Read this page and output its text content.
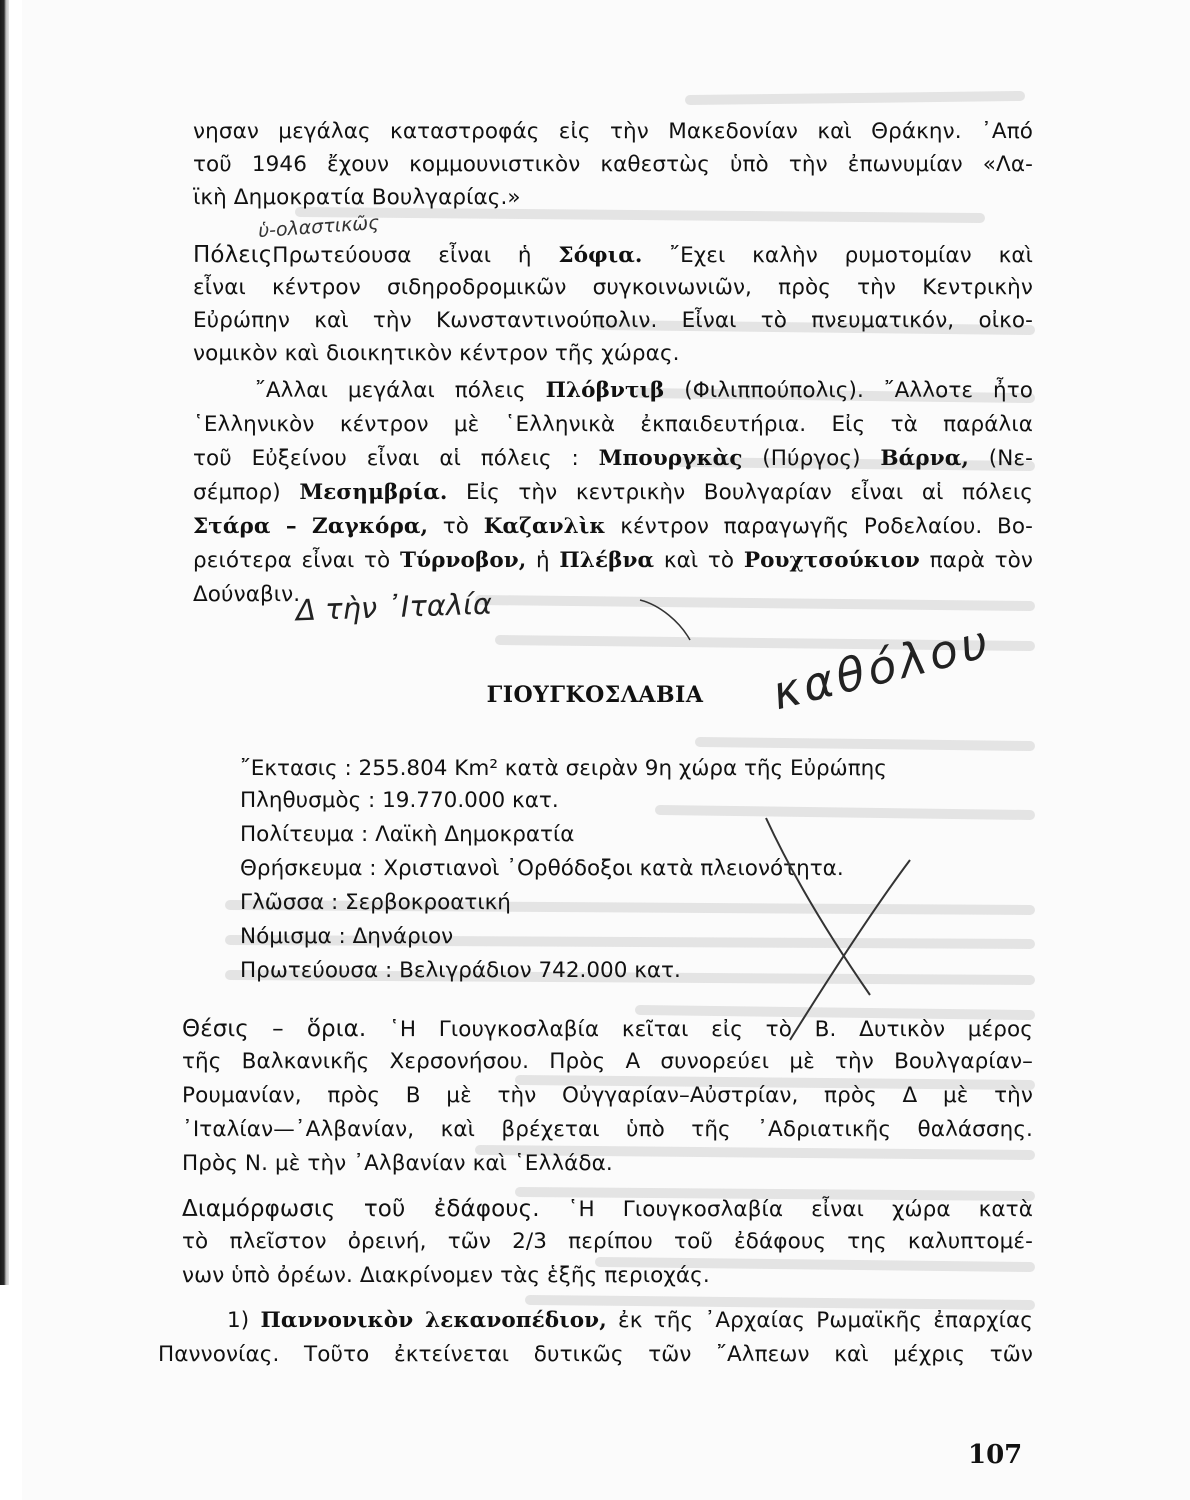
νησαν μεγάλας καταστροφάς εἰς τὴν Μακεδονίαν καὶ Θράκην. ᾿Από
τοῦ 1946 ἔχουν κομμουνιστικὸν καθεστὼς ὑπὸ τὴν ἐπωνυμίαν «Λα-
ϊκὴ Δημοκρατία Βουλγαρίας.»
ΠόλειςΠρωτεύουσα εἶναι ἡ Σόφια. ῎Εχει καλὴν ρυμοτομίαν καὶ
εἶναι κέντρον σιδηροδρομικῶν συγκοινωνιῶν, πρὸς τὴν Κεντρικὴν
Εὐρώπην καὶ τὴν Κωνσταντινούπολιν. Εἶναι τὸ πνευματικόν, οἰκο-
νομικὸν καὶ διοικητικὸν κέντρον τῆς χώρας.
῎Αλλαι μεγάλαι πόλεις Πλόβντιβ (Φιλιππούπολις). ῎Αλλοτε ἦτο
῾Ελληνικὸν κέντρον μὲ ῾Ελληνικὰ ἐκπαιδευτήρια. Εἰς τὰ παράλια
τοῦ Εὐξείνου εἶναι αἱ πόλεις : Μπουργκὰς (Πύργος) Βάρνα, (Νε-
σέμπορ) Μεσημβρία. Εἰς τὴν κεντρικὴν Βουλγαρίαν εἶναι αἱ πόλεις
Στάρα – Ζαγκόρα, τὸ Καζανλὶκ κέντρον παραγωγῆς Ροδελαίου. Βο-
ρειότερα εἶναι τὸ Τύρνοβον, ἡ Πλέβνα καὶ τὸ Ρουχτσούκιον παρὰ τὸν
Δούναβιν.
ΓΙΟΥΓΚΟΣΛΑΒΙΑ
῎Εκτασις : 255.804 Km² κατὰ σειρὰν 9η χώρα τῆς Εὐρώπης
Πληθυσμὸς : 19.770.000 κατ.
Πολίτευμα : Λαϊκὴ Δημοκρατία
Θρήσκευμα : Χριστιανοὶ ᾿Ορθόδοξοι κατὰ πλειονότητα.
Γλῶσσα : Σερβοκροατική
Νόμισμα : Δηνάριον
Πρωτεύουσα : Βελιγράδιον 742.000 κατ.
Θέσις – ὅρια. ῾Η Γιουγκοσλαβία κεῖται εἰς τὸ Β. Δυτικὸν μέρος
τῆς Βαλκανικῆς Χερσονήσου. Πρὸς Α συνορεύει μὲ τὴν Βουλγαρίαν–
Ρουμανίαν, πρὸς Β μὲ τὴν Οὐγγαρίαν–Αὐστρίαν, πρὸς Δ μὲ τὴν
᾿Ιταλίαν—᾿Αλβανίαν, καὶ βρέχεται ὑπὸ τῆς ᾿Αδριατικῆς θαλάσσης.
Πρὸς Ν. μὲ τὴν ᾿Αλβανίαν καὶ ῾Ελλάδα.
Διαμόρφωσις τοῦ ἐδάφους. ῾Η Γιουγκοσλαβία εἶναι χώρα κατὰ
τὸ πλεῖστον ὀρεινή, τῶν 2/3 περίπου τοῦ ἐδάφους της καλυπτομέ-
νων ὑπὸ ὀρέων. Διακρίνομεν τὰς ἑξῆς περιοχάς.
1) Παννονικὸν λεκανοπέδιον, ἐκ τῆς ᾿Αρχαίας Ρωμαϊκῆς ἐπαρχίας
Παννονίας. Τοῦτο ἐκτείνεται δυτικῶς τῶν ῎Αλπεων καὶ μέχρις τῶν
107
ὑ-ολαστικῶς
Δ τὴν ᾿Ιταλία
καθόλου
